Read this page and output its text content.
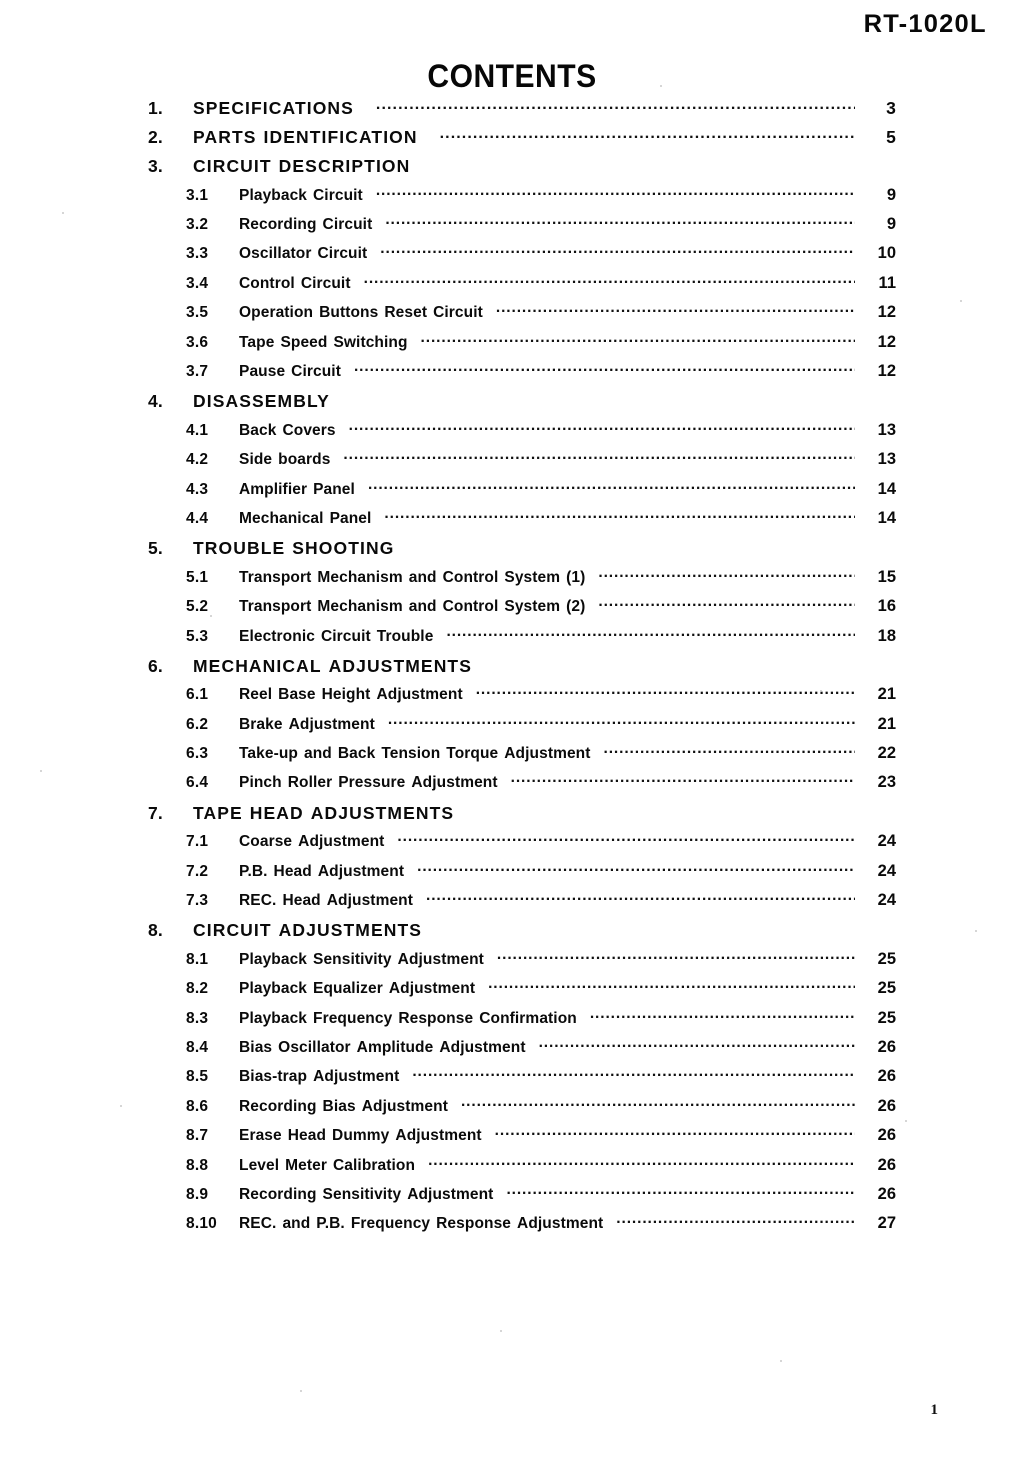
RT-1020L
CONTENTS
1.	SPECIFICATIONS .....	3
2.	PARTS IDENTIFICATION .....	5
3.	CIRCUIT DESCRIPTION
3.1	Playback Circuit .....	9
3.2	Recording Circuit .....	9
3.3	Oscillator Circuit .....	10
3.4	Control Circuit .....	11
3.5	Operation Buttons Reset Circuit .....	12
3.6	Tape Speed Switching .....	12
3.7	Pause Circuit .....	12
4.	DISASSEMBLY
4.1	Back Covers .....	13
4.2	Side boards .....	13
4.3	Amplifier Panel .....	14
4.4	Mechanical Panel .....	14
5.	TROUBLE SHOOTING
5.1	Transport Mechanism and Control System (1) .....	15
5.2	Transport Mechanism and Control System (2) .....	16
5.3	Electronic Circuit Trouble .....	18
6.	MECHANICAL ADJUSTMENTS
6.1	Reel Base Height Adjustment .....	21
6.2	Brake Adjustment .....	21
6.3	Take-up and Back Tension Torque Adjustment .....	22
6.4	Pinch Roller Pressure Adjustment .....	23
7.	TAPE HEAD ADJUSTMENTS
7.1	Coarse Adjustment .....	24
7.2	P.B. Head Adjustment .....	24
7.3	REC. Head Adjustment .....	24
8.	CIRCUIT ADJUSTMENTS
8.1	Playback Sensitivity Adjustment .....	25
8.2	Playback Equalizer Adjustment .....	25
8.3	Playback Frequency Response Confirmation .....	25
8.4	Bias Oscillator Amplitude Adjustment .....	26
8.5	Bias-trap Adjustment .....	26
8.6	Recording Bias Adjustment .....	26
8.7	Erase Head Dummy Adjustment .....	26
8.8	Level Meter Calibration .....	26
8.9	Recording Sensitivity Adjustment .....	26
8.10	REC. and P.B. Frequency Response Adjustment .....	27
1
